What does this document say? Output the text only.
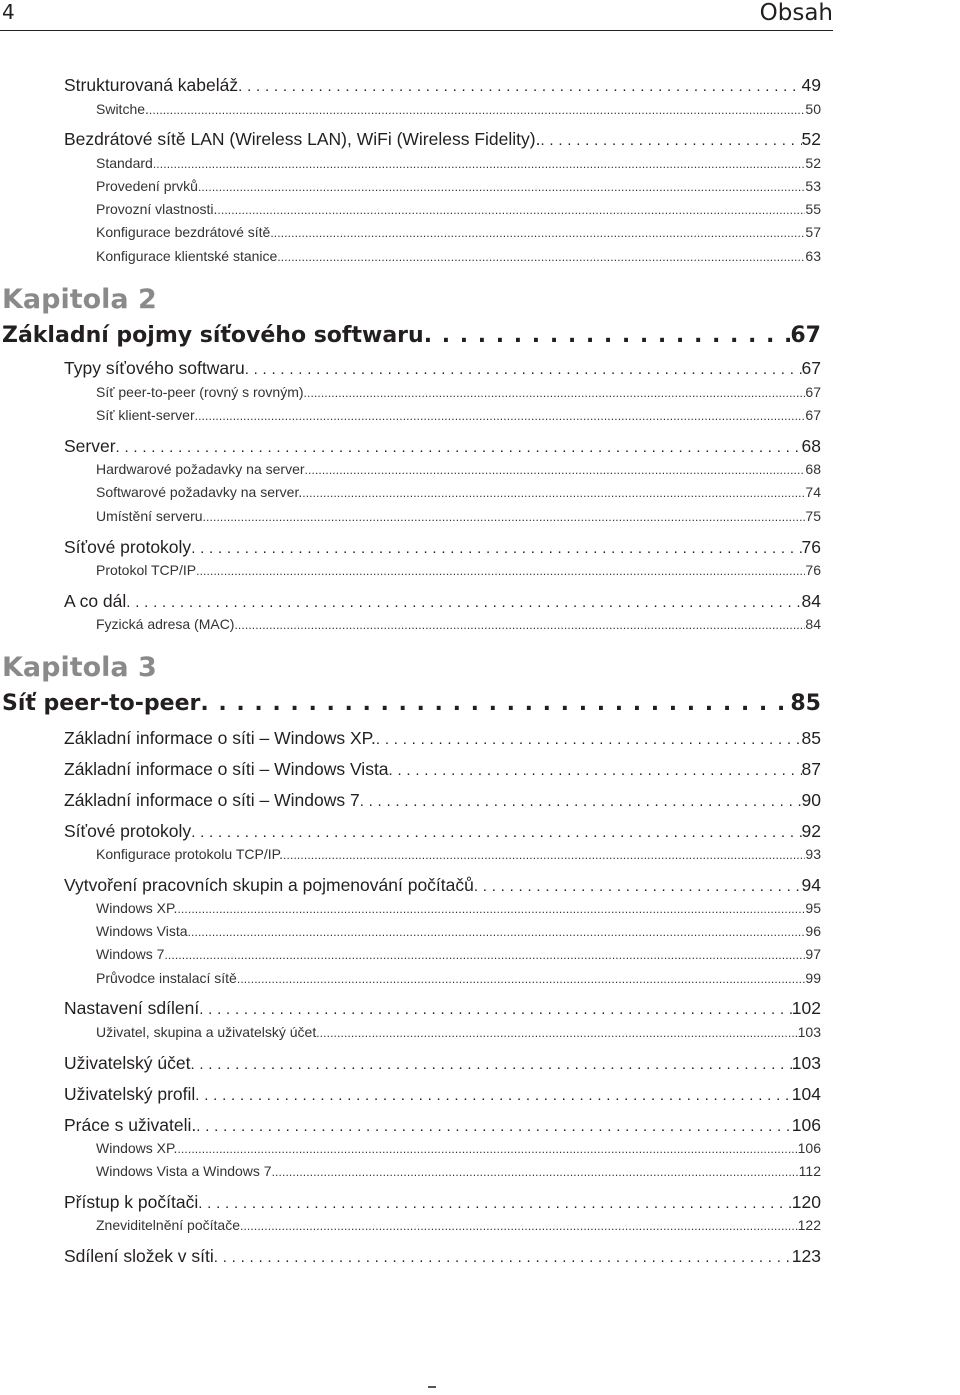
4	Obsah
Strukturovaná kabeláž . . .	49
Switche. . . .	50
Bezdrátové sítě LAN (Wireless LAN), WiFi (Wireless Fidelity). . . .	52
Standard . . .	52
Provedení prvků . . .	53
Provozní vlastnosti. . . .	55
Konfigurace bezdrátové sítě . . .	57
Konfigurace klientské stanice . . .	63
Kapitola 2
Základní pojmy síťového softwaru . . .	67
Typy síťového softwaru . . .	67
Síť peer-to-peer (rovný s rovným) . . .	67
Síť klient-server . . .	67
Server . . .	68
Hardwarové požadavky na server . . .	68
Softwarové požadavky na server. . . .	74
Umístění serveru . . .	75
Síťové protokoly . . .	76
Protokol TCP/IP . . .	76
A co dál . . .	84
Fyzická adresa (MAC) . . .	84
Kapitola 3
Síť peer-to-peer . . .	85
Základní informace o síti – Windows XP. . . .	85
Základní informace o síti – Windows Vista . . .	87
Základní informace o síti – Windows 7 . . .	90
Síťové protokoly . . .	92
Konfigurace protokolu TCP/IP. . . .	93
Vytvoření pracovních skupin a pojmenování počítačů . . .	94
Windows XP. . . .	95
Windows Vista . . .	96
Windows 7 . . .	97
Průvodce instalací sítě . . .	99
Nastavení sdílení . . .	102
Uživatel, skupina a uživatelský účet . . .	103
Uživatelský účet . . .	103
Uživatelský profil . . .	104
Práce s uživateli. . . .	106
Windows XP. . . .	106
Windows Vista a Windows 7 . . .	112
Přístup k počítači . . .	120
Zneviditelnění počítače . . .	122
Sdílení složek v síti . . .	123
